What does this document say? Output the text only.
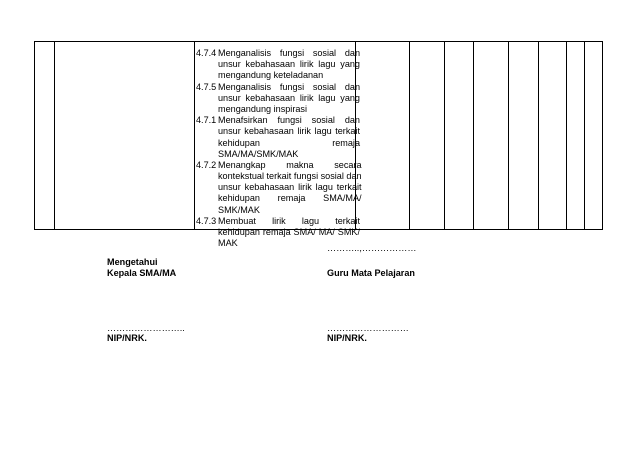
4.7.4 Menganalisis fungsi sosial dan
unsur kebahasaan lirik lagu yang
mengandung keteladanan
4.7.5 Menganalisis fungsi sosial dan
unsur kebahasaan lirik lagu yang
mengandung inspirasi
4.7.1 Menafsirkan fungsi sosial dan
unsur kebahasaan lirik lagu terkait
kehidupan remaja
SMA/MA/SMK/MAK
4.7.2 Menangkap makna secara
kontekstual terkait fungsi sosial dan
unsur kebahasaan lirik lagu terkait
kehidupan remaja SMA/MA/
SMK/MAK
4.7.3 Membuat lirik lagu terkait
kehidupan remaja SMA/ MA/ SMK/
MAK	………..,………………
Mengetahui
Kepala SMA/MA	Guru Mata Pelajaran
……………………..
NIP/NRK.
………………………
NIP/NRK.
